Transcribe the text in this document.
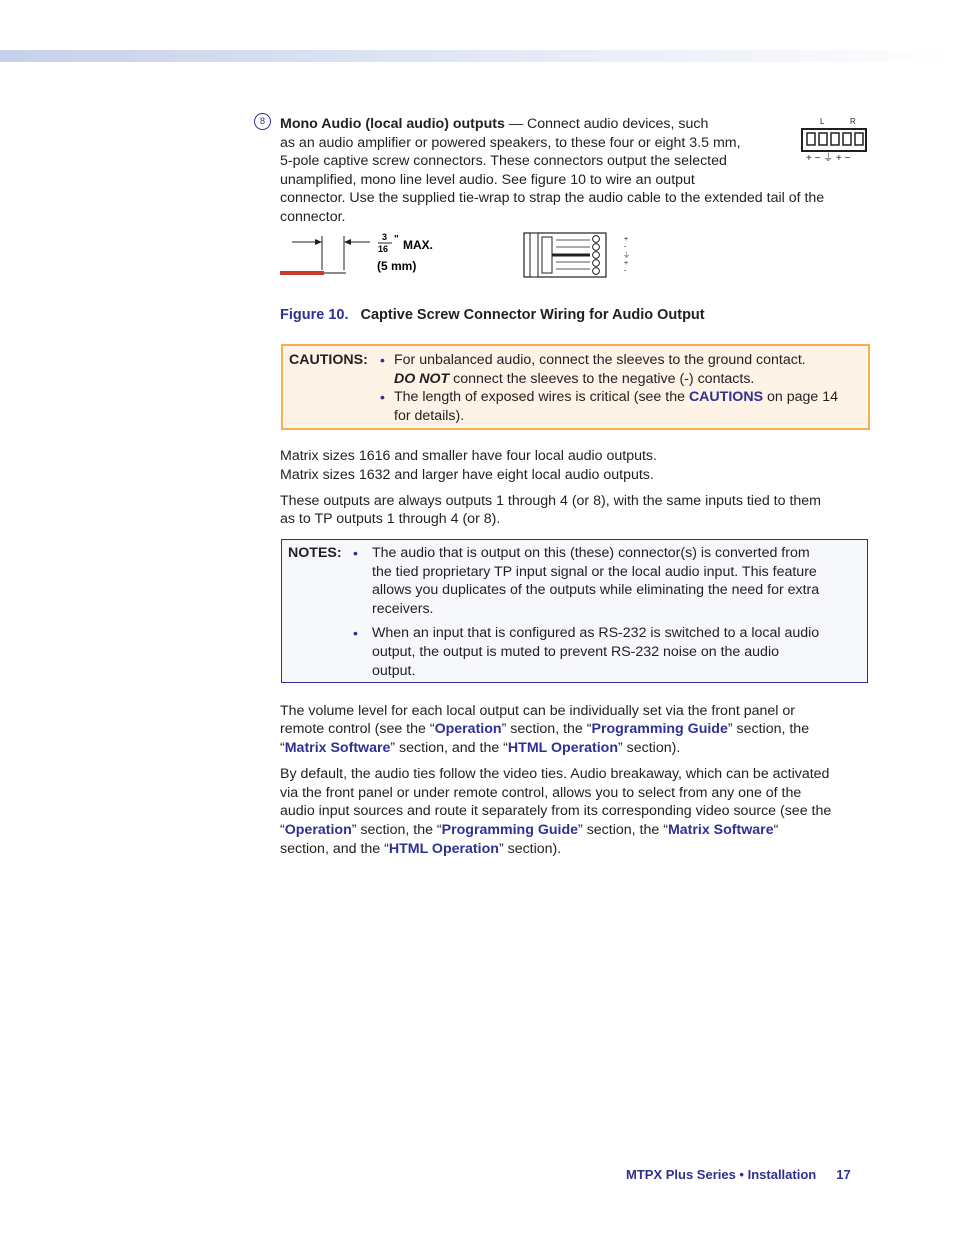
8	Mono Audio (local audio) outputs — Connect audio devices, such
as an audio amplifier or powered speakers, to these four or eight 3.5 mm,
5-pole captive screw connectors. These connectors output the selected
unamplified, mono line level audio. See figure 10 to wire an output

connector. Use the supplied tie-wrap to strap the audio cable to the extended tail of the connector.

L	R
+ − ⏚ + −
3
16
" MAX.
(5 mm)
+
-
⏚
+
-
Figure 10. Captive Screw Connector Wiring for Audio Output
CAUTIONS: • For unbalanced audio, connect the sleeves to the ground contact.
DO NOT connect the sleeves to the negative (-) contacts.
• The length of exposed wires is critical (see the CAUTIONS on page 14
for details).

Matrix sizes 1616 and smaller have four local audio outputs.

Matrix sizes 1632 and larger have eight local audio outputs.

These outputs are always outputs 1 through 4 (or 8), with the same inputs tied to them

as to TP outputs 1 through 4 (or 8).

NOTES: • The audio that is output on this (these) connector(s) is converted from
the tied proprietary TP input signal or the local audio input. This feature
allows you duplicates of the outputs while eliminating the need for extra
receivers.
• When an input that is configured as RS-232 is switched to a local audio
output, the output is muted to prevent RS-232 noise on the audio
output.

The volume level for each local output can be individually set via the front panel or

remote control (see the “Operation” section, the “Programming Guide” section, the

“Matrix Software” section, and the “HTML Operation” section).

By default, the audio ties follow the video ties. Audio breakaway, which can be activated

via the front panel or under remote control, allows you to select from any one of the

audio input sources and route it separately from its corresponding video source (see the

“Operation” section, the “Programming Guide” section, the “Matrix Software“

section, and the “HTML Operation” section).

MTPX Plus Series • Installation 17
